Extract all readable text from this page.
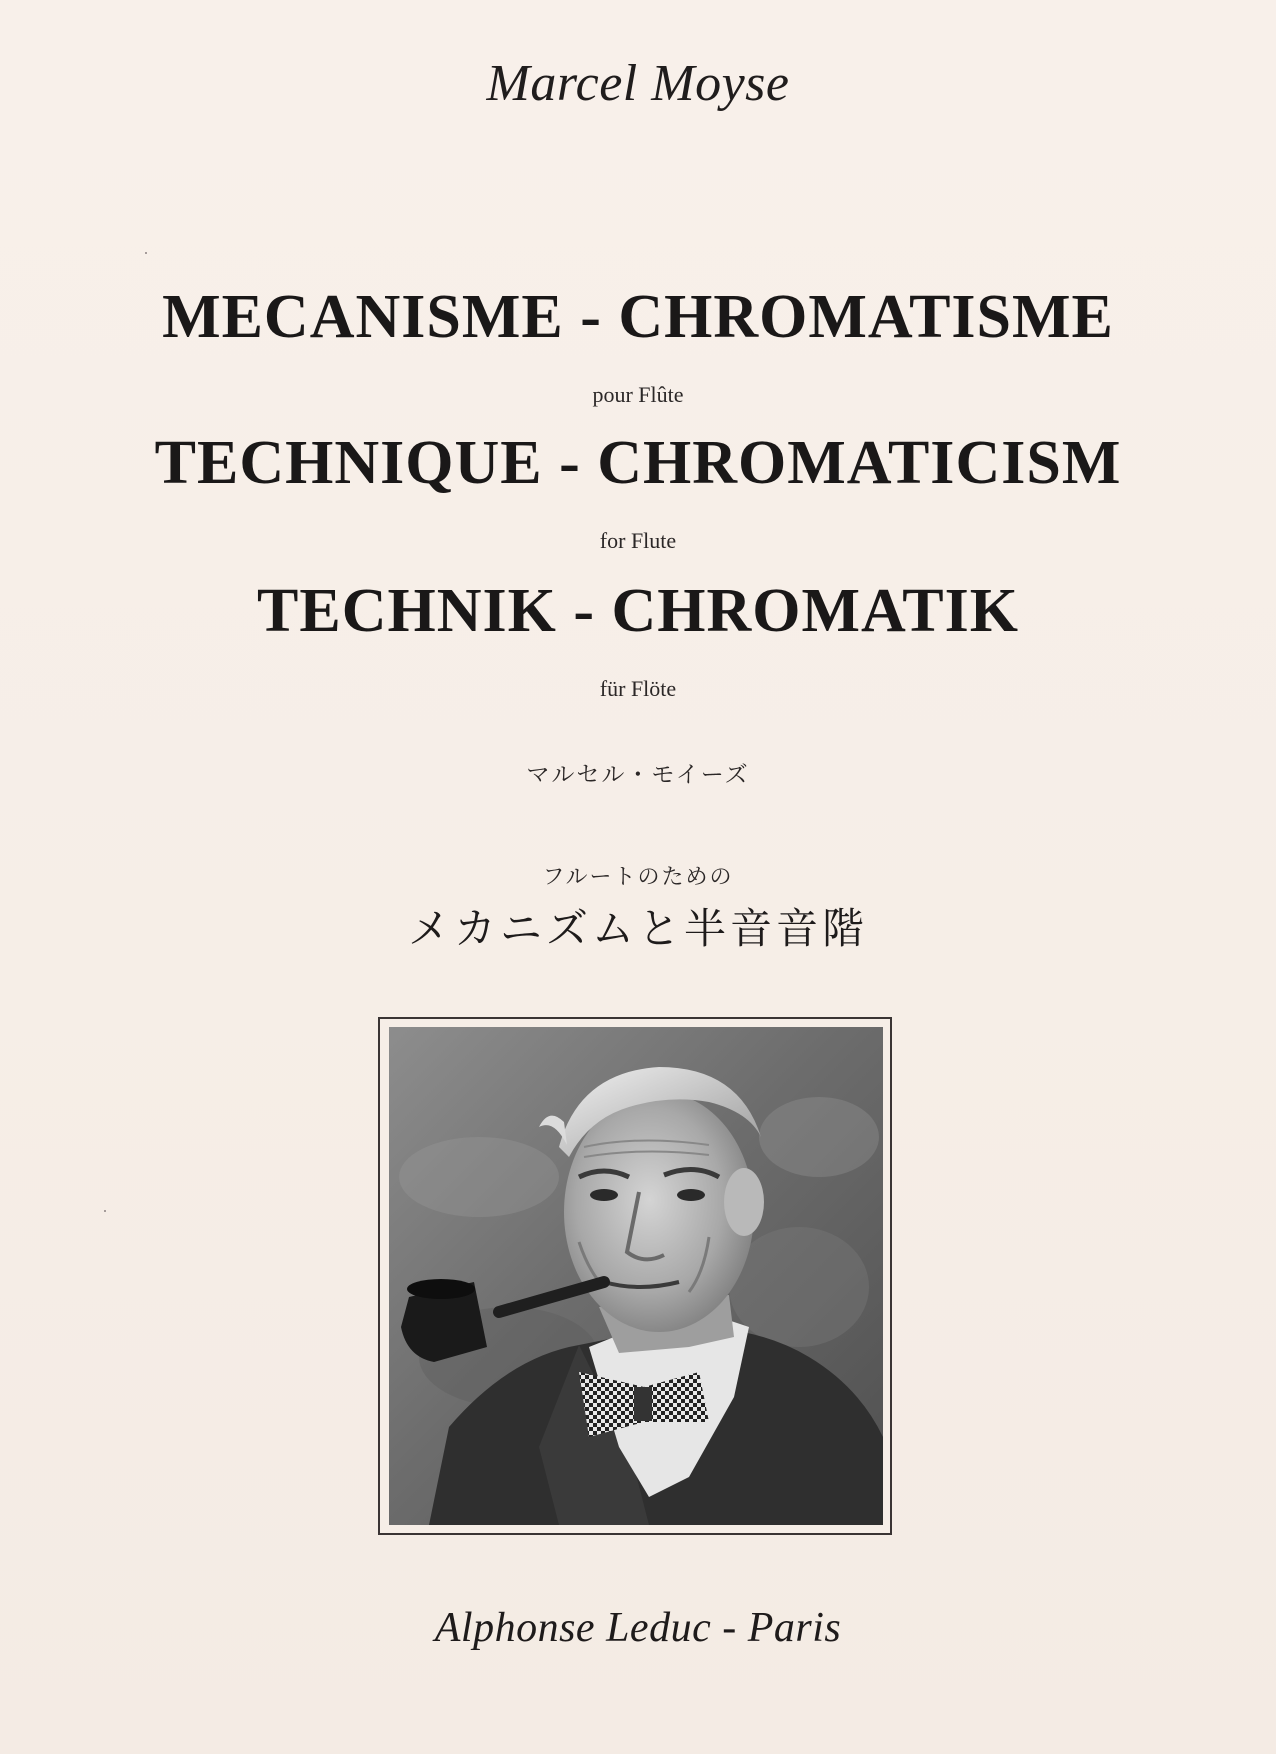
Marcel Moyse
MECANISME - CHROMATISME
pour Flûte
TECHNIQUE - CHROMATICISM
for Flute
TECHNIK - CHROMATIK
für Flöte
マルセル・モイーズ
フルートのための
メカニズムと半音音階
Alphonse Leduc - Paris
